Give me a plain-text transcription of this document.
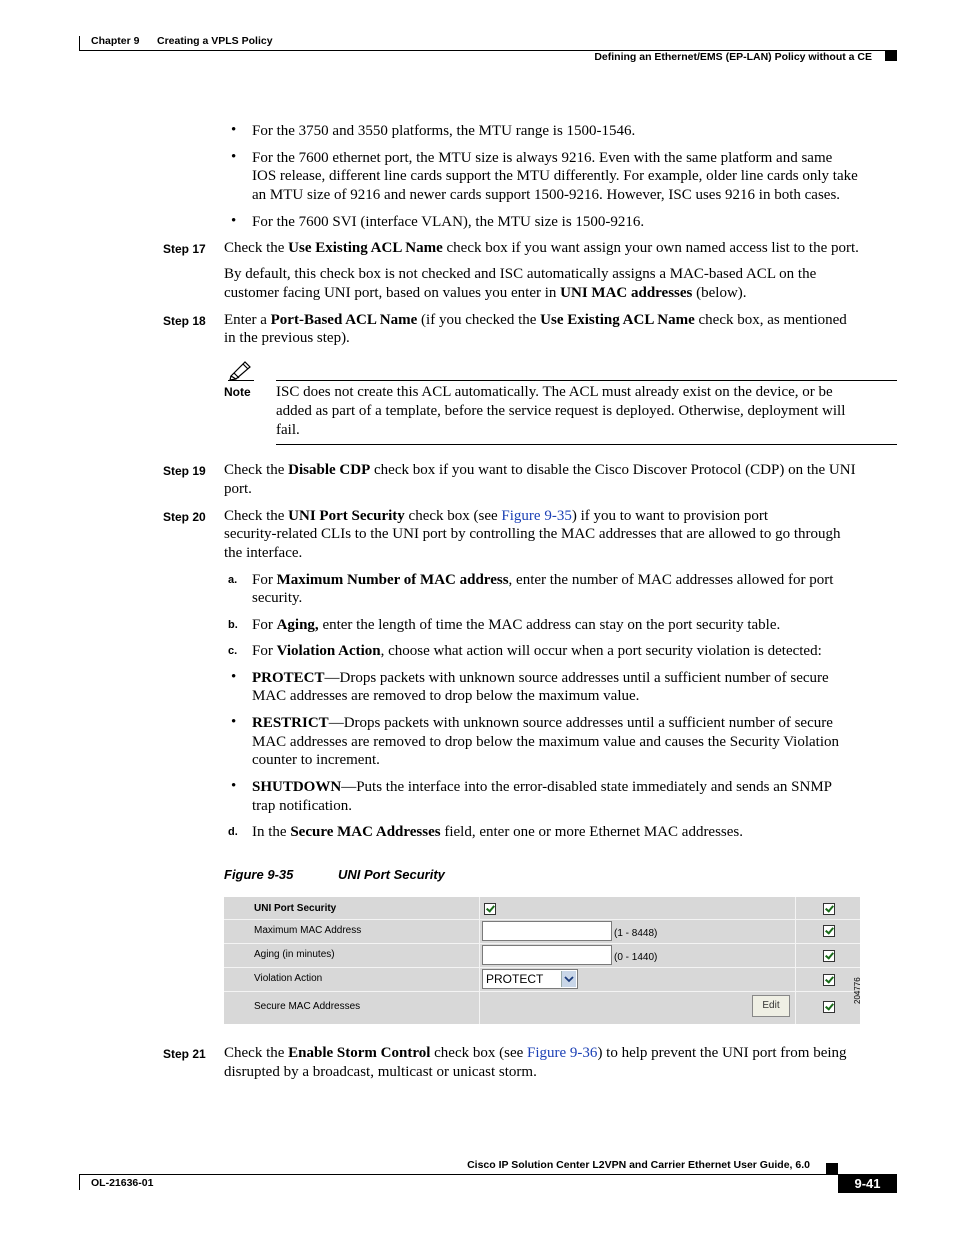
Chapter 9 Creating a VPLS Policy
Defining an Ethernet/EMS (EP-LAN) Policy without a CE
• For the 3750 and 3550 platforms, the MTU range is 1500-1546.
• For the 7600 ethernet port, the MTU size is always 9216. Even with the same platform and same
IOS release, different line cards support the MTU differently. For example, older line cards only take
an MTU size of 9216 and newer cards support 1500-9216. However, ISC uses 9216 in both cases.
• For the 7600 SVI (interface VLAN), the MTU size is 1500-9216.
Step 17 Check the Use Existing ACL Name check box if you want assign your own named access list to the port.
By default, this check box is not checked and ISC automatically assigns a MAC-based ACL on the
customer facing UNI port, based on values you enter in UNI MAC addresses (below).
Step 18 Enter a Port-Based ACL Name (if you checked the Use Existing ACL Name check box, as mentioned
in the previous step).
Note ISC does not create this ACL automatically. The ACL must already exist on the device, or be
added as part of a template, before the service request is deployed. Otherwise, deployment will
fail.
Step 19 Check the Disable CDP check box if you want to disable the Cisco Discover Protocol (CDP) on the UNI
port.
Step 20 Check the UNI Port Security check box (see Figure 9-35) if you to want to provision port
security-related CLIs to the UNI port by controlling the MAC addresses that are allowed to go through
the interface.
a. For Maximum Number of MAC address, enter the number of MAC addresses allowed for port
security.
b. For Aging, enter the length of time the MAC address can stay on the port security table.
c. For Violation Action, choose what action will occur when a port security violation is detected:
• PROTECT—Drops packets with unknown source addresses until a sufficient number of secure
MAC addresses are removed to drop below the maximum value.
• RESTRICT—Drops packets with unknown source addresses until a sufficient number of secure
MAC addresses are removed to drop below the maximum value and causes the Security Violation
counter to increment.
• SHUTDOWN—Puts the interface into the error-disabled state immediately and sends an SNMP
trap notification.
d. In the Secure MAC Addresses field, enter one or more Ethernet MAC addresses.
Figure 9-35	UNI Port Security
UNI Port Security
Maximum MAC Address	(1 - 8448)
Aging (in minutes)	(0 - 1440)
Violation Action	PROTECT
Secure MAC Addresses	Edit
204776
Step 21 Check the Enable Storm Control check box (see Figure 9-36) to help prevent the UNI port from being
disrupted by a broadcast, multicast or unicast storm.
Cisco IP Solution Center L2VPN and Carrier Ethernet User Guide, 6.0
OL-21636-01	9-41
